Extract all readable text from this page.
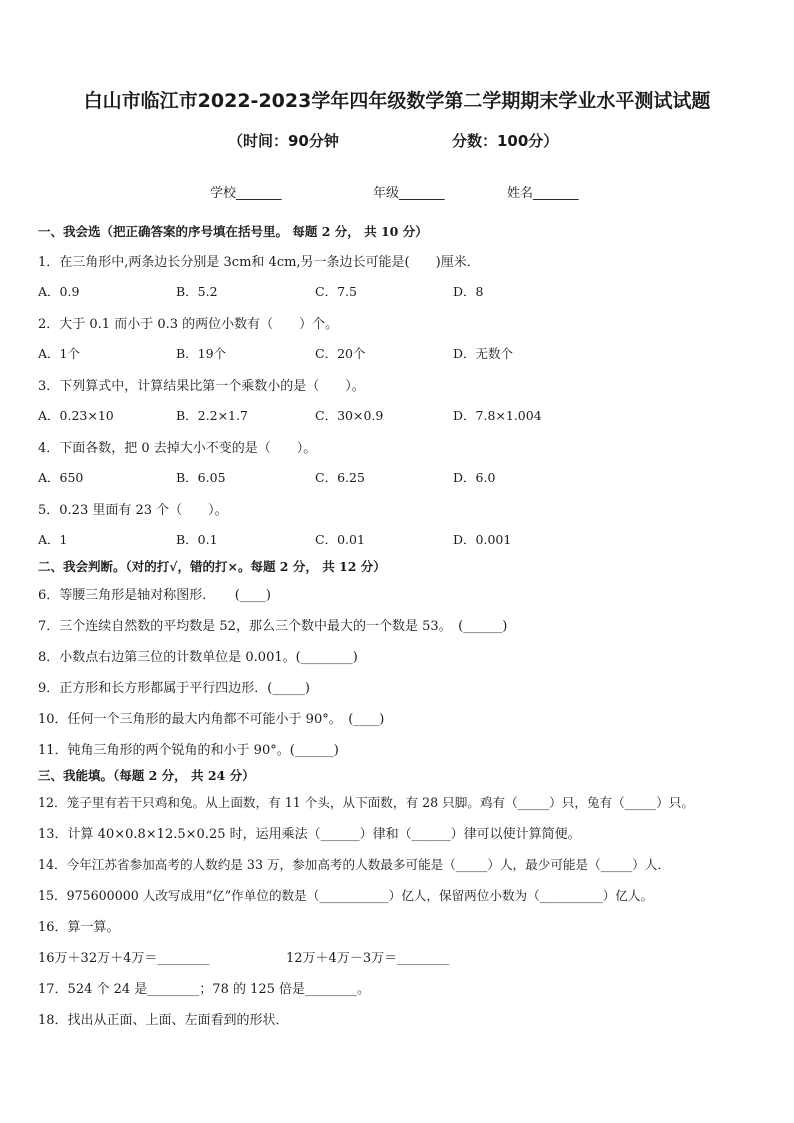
白山市临江市2022-2023学年四年级数学第二学期期末学业水平测试试题
（时间：90分钟	分数：100分）
学校_______	年级_______	姓名_______
一、我会选（把正确答案的序号填在括号里。 每题 2 分， 共 10 分）
1．在三角形中,两条边长分别是 3cm和 4cm,另一条边长可能是(　　)厘米．
A．0.9	B．5.2	C．7.5	D．8
2．大于 0.1 而小于 0.3 的两位小数有（　　）个。
A．1个	B．19个	C．20个	D．无数个
3．下列算式中，计算结果比第一个乘数小的是（　　）。
A．0.23×10	B．2.2×1.7	C．30×0.9	D．7.8×1.004
4．下面各数，把 0 去掉大小不变的是（　　）。
A．650	B．6.05	C．6.25	D．6.0
5．0.23 里面有 23 个（　　）。
A．1	B．0.1	C．0.01	D．0.001
二、我会判断。（对的打√，错的打×。每题 2 分， 共 12 分）
6．等腰三角形是轴对称图形．　　(____)
7．三个连续自然数的平均数是 52，那么三个数中最大的一个数是 53。　(______)
8．小数点右边第三位的计数单位是 0.001。(________)
9．正方形和长方形都属于平行四边形．(_____)
10．任何一个三角形的最大内角都不可能小于 90°。　(____)
11．钝角三角形的两个锐角的和小于 90°。(______)
三、我能填。（每题 2 分， 共 24 分）
12．笼子里有若干只鸡和兔。从上面数，有 11 个头，从下面数，有 28 只脚。鸡有（_____）只，兔有（_____）只。
13．计算 40×0.8×12.5×0.25 时，运用乘法（______）律和（______）律可以使计算简便。
14．今年江苏省参加高考的人数约是 33 万，参加高考的人数最多可能是（_____）人，最少可能是（_____）人．
15．975600000 人改写成用“亿”作单位的数是（___________）亿人，保留两位小数为（__________）亿人。
16．算一算。
16万＋32万＋4万＝________	12万＋4万－3万＝________
17．524 个 24 是________；78 的 125 倍是________。
18．找出从正面、上面、左面看到的形状．
